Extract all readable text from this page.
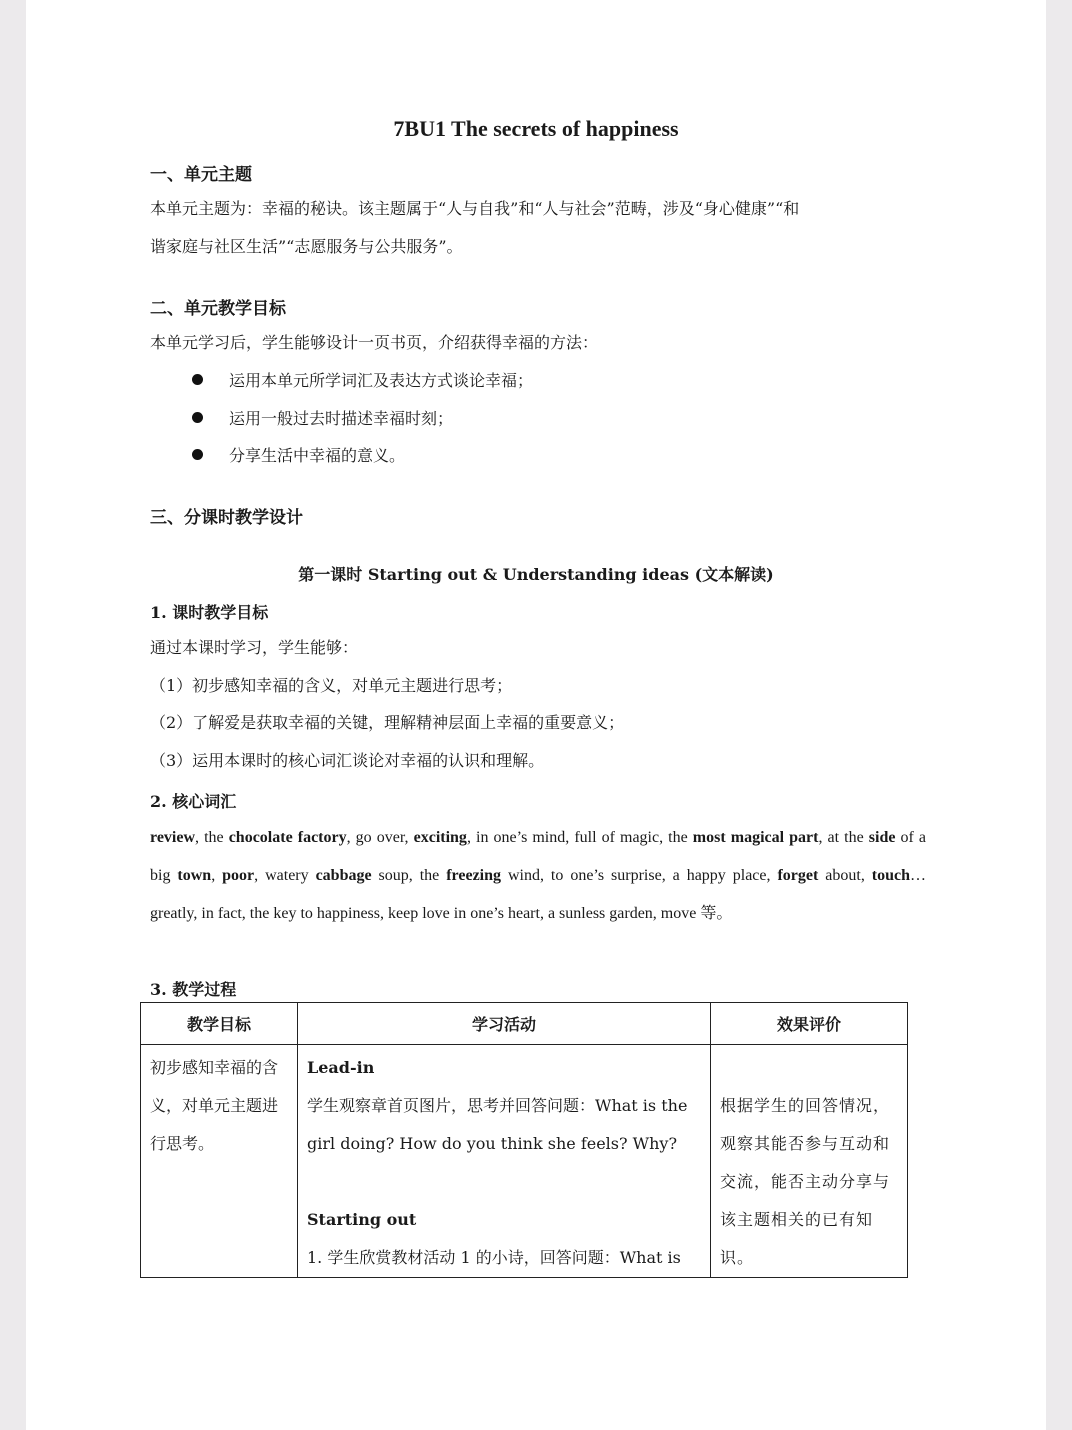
7BU1 The secrets of happiness
一、单元主题

本单元主题为：幸福的秘诀。该主题属于“人与自我”和“人与社会”范畴，涉及“身心健康”“和
谐家庭与社区生活”“志愿服务与公共服务”。

二、单元教学目标

本单元学习后，学生能够设计一页书页，介绍获得幸福的方法：

运用本单元所学词汇及表达方式谈论幸福；
运用一般过去时描述幸福时刻；
分享生活中幸福的意义。
三、分课时教学设计
第一课时 Starting out & Understanding ideas (文本解读)
1. 课时教学目标
通过本课时学习，学生能够：
（1）初步感知幸福的含义，对单元主题进行思考；
（2）了解爱是获取幸福的关键，理解精神层面上幸福的重要意义；
（3）运用本课时的核心词汇谈论对幸福的认识和理解。
2. 核心词汇

review, the chocolate factory, go over, exciting, in one’s mind, full of magic, the most magical part, at the side of a big town, poor, watery cabbage soup, the freezing wind, to one’s surprise, a happy place, forget about, touch… greatly, in fact, the key to happiness, keep love in one’s heart, a sunless garden, move 等。

3. 教学过程
教学目标	学习活动	效果评价

初步感知幸福的含义，对单元主题进行思考。	Lead-in
学生观察章首页图片，思考并回答问题：What is the girl doing? How do you think she feels? Why?
Starting out
1. 学生欣赏教材活动 1 的小诗，回答问题：What is	根据学生的回答情况，观察其能否参与互动和交流，能否主动分享与该主题相关的已有知识。
